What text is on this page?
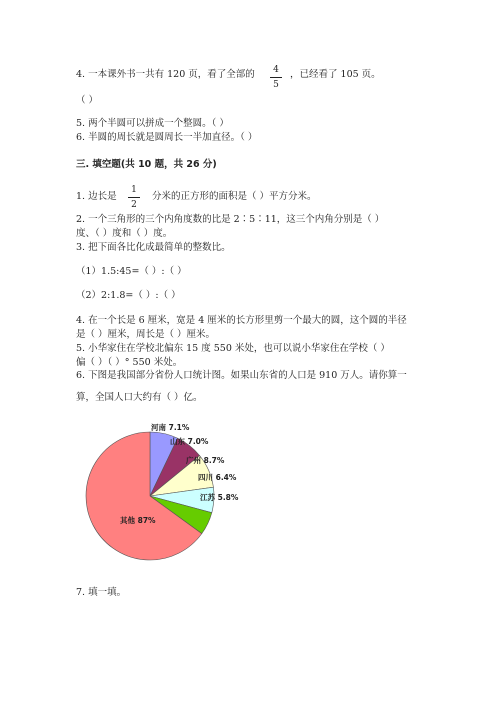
4. 一本课外书一共有 120 页，看了全部的 $\frac{4}{5}$ ，已经看了 105 页。
（ ）
5. 两个半圆可以拼成一个整圆。（ ）
6. 半圆的周长就是圆周长一半加直径。（ ）
三. 填空题(共 10 题，共 26 分)
1. 边长是 $\frac{1}{2}$ 分米的正方形的面积是（ ）平方分米。
2. 一个三角形的三个内角度数的比是 2∶5∶11，这三个内角分别是（ ）
度、（ ）度和（ ）度。
3. 把下面各比化成最简单的整数比。
（1）1.5:45=（ ）:（ ）
（2）2:1.8=（ ）:（ ）
4. 在一个长是 6 厘米，宽是 4 厘米的长方形里剪一个最大的圆，这个圆的半径
是（ ）厘米，周长是（ ）厘米。
5. 小华家住在学校北偏东 15 度 550 米处，也可以说小华家住在学校（ ）
偏（ ）（ ）° 550 米处。
6. 下图是我国部分省份人口统计图。如果山东省的人口是 910 万人。请你算一
算，全国人口大约有（ ）亿。
河南 7.1%
山东 7.0%
广州 8.7%
四川 6.4%
江苏 5.8%
其他 87%
7. 填一填。
